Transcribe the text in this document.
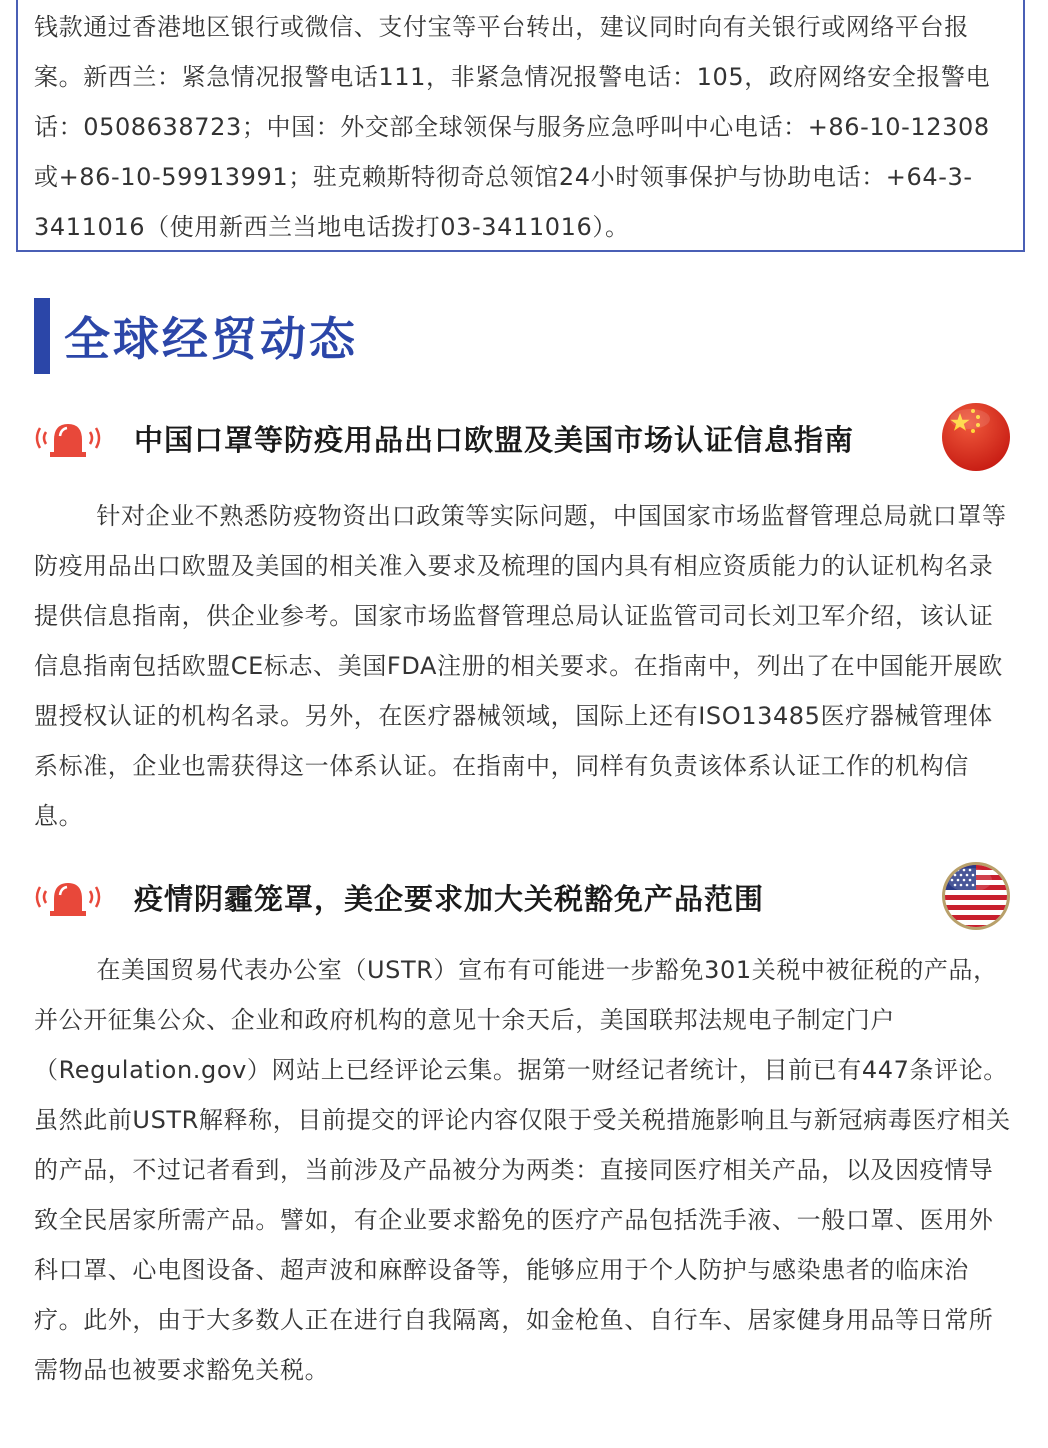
钱款通过香港地区银行或微信、支付宝等平台转出，建议同时向有关银行或网络平台报案。新西兰：紧急情况报警电话111，非紧急情况报警电话：105，政府网络安全报警电话：0508638723；中国：外交部全球领保与服务应急呼叫中心电话：+86-10-12308或+86-10-59913991；驻克赖斯特彻奇总领馆24小时领事保护与协助电话：+64-3-3411016（使用新西兰当地电话拨打03-3411016）。

全球经贸动态
中国口罩等防疫用品出口欧盟及美国市场认证信息指南

针对企业不熟悉防疫物资出口政策等实际问题，中国国家市场监督管理总局就口罩等防疫用品出口欧盟及美国的相关准入要求及梳理的国内具有相应资质能力的认证机构名录提供信息指南，供企业参考。国家市场监督管理总局认证监管司司长刘卫军介绍，该认证信息指南包括欧盟CE标志、美国FDA注册的相关要求。在指南中，列出了在中国能开展欧盟授权认证的机构名录。另外，在医疗器械领域，国际上还有ISO13485医疗器械管理体系标准，企业也需获得这一体系认证。在指南中，同样有负责该体系认证工作的机构信息。

疫情阴霾笼罩，美企要求加大关税豁免产品范围

在美国贸易代表办公室（USTR）宣布有可能进一步豁免301关税中被征税的产品，并公开征集公众、企业和政府机构的意见十余天后，美国联邦法规电子制定门户（Regulation.gov）网站上已经评论云集。据第一财经记者统计，目前已有447条评论。虽然此前USTR解释称，目前提交的评论内容仅限于受关税措施影响且与新冠病毒医疗相关的产品，不过记者看到，当前涉及产品被分为两类：直接同医疗相关产品，以及因疫情导致全民居家所需产品。譬如，有企业要求豁免的医疗产品包括洗手液、一般口罩、医用外科口罩、心电图设备、超声波和麻醉设备等，能够应用于个人防护与感染患者的临床治疗。此外，由于大多数人正在进行自我隔离，如金枪鱼、自行车、居家健身用品等日常所需物品也被要求豁免关税。
